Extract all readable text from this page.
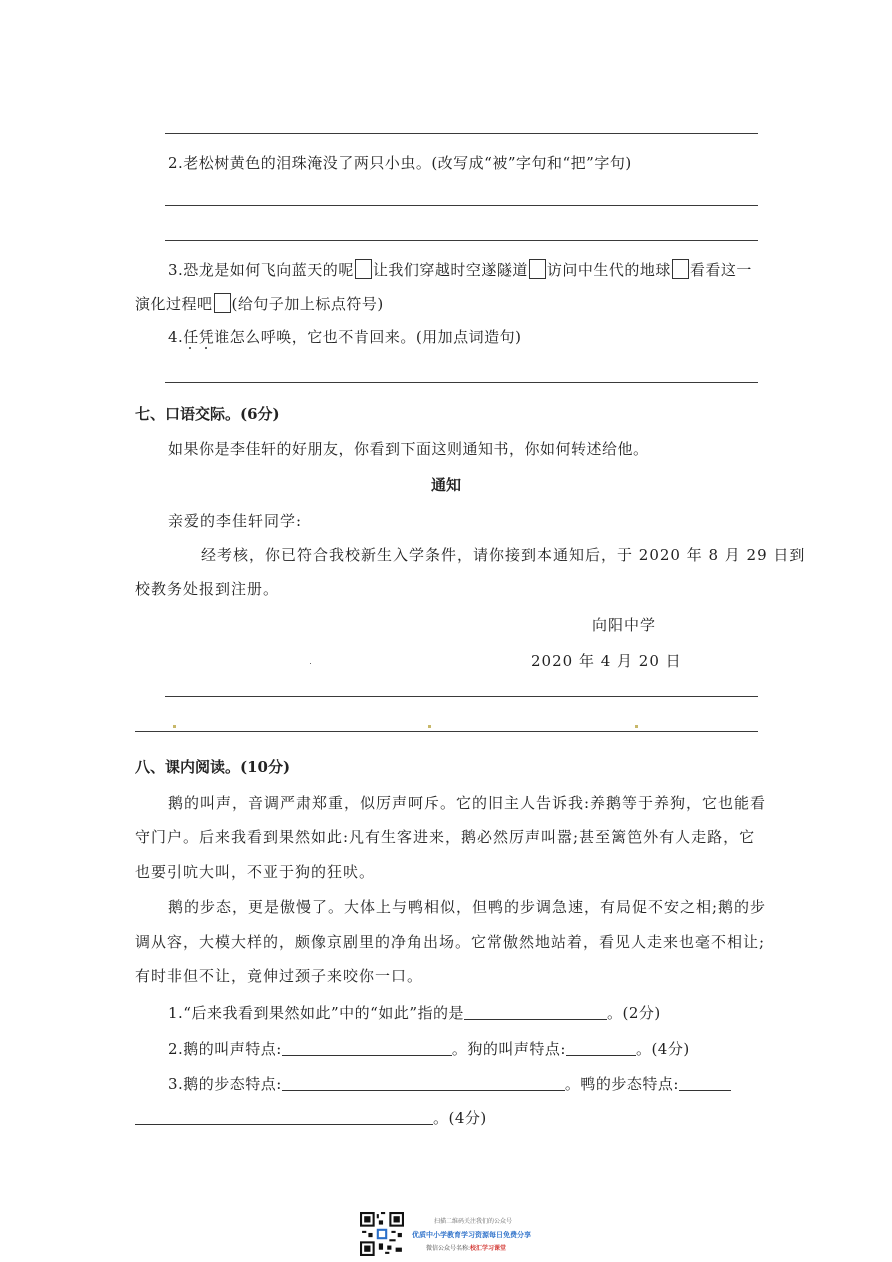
2.老松树黄色的泪珠淹没了两只小虫。(改写成“被”字句和“把”字句)
3.恐龙是如何飞向蓝天的呢 让我们穿越时空遂隧道 访问中生代的地球 看看这一
演化过程吧 (给句子加上标点符号)
4.任凭谁怎么呼唤，它也不肯回来。(用加点词造句)
七、口语交际。(6分)
如果你是李佳轩的好朋友，你看到下面这则通知书，你如何转述给他。
通知
亲爱的李佳轩同学:
经考核，你已符合我校新生入学条件，请你接到本通知后，于 2020 年 8 月 29 日到
校教务处报到注册。
向阳中学
2020 年 4 月 20 日
八、课内阅读。(10分)
鹅的叫声，音调严肃郑重，似厉声呵斥。它的旧主人告诉我:养鹅等于养狗，它也能看
守门户。后来我看到果然如此:凡有生客进来，鹅必然厉声叫嚣;甚至篱笆外有人走路，它
也要引吭大叫，不亚于狗的狂吠。
鹅的步态，更是傲慢了。大体上与鸭相似，但鸭的步调急速，有局促不安之相;鹅的步
调从容，大模大样的，颇像京剧里的净角出场。它常傲然地站着，看见人走来也毫不相让;
有时非但不让，竟伸过颈子来咬你一口。
1.“后来我看到果然如此”中的“如此”指的是	。(2分)
2.鹅的叫声特点:	。狗的叫声特点:	。(4分)
3.鹅的步态特点:	。鸭的步态特点:
。(4分)
扫描二维码关注我们的公众号
优质中小学教育学习资源每日免费分享
微信公众号名称:校汇学习课堂
